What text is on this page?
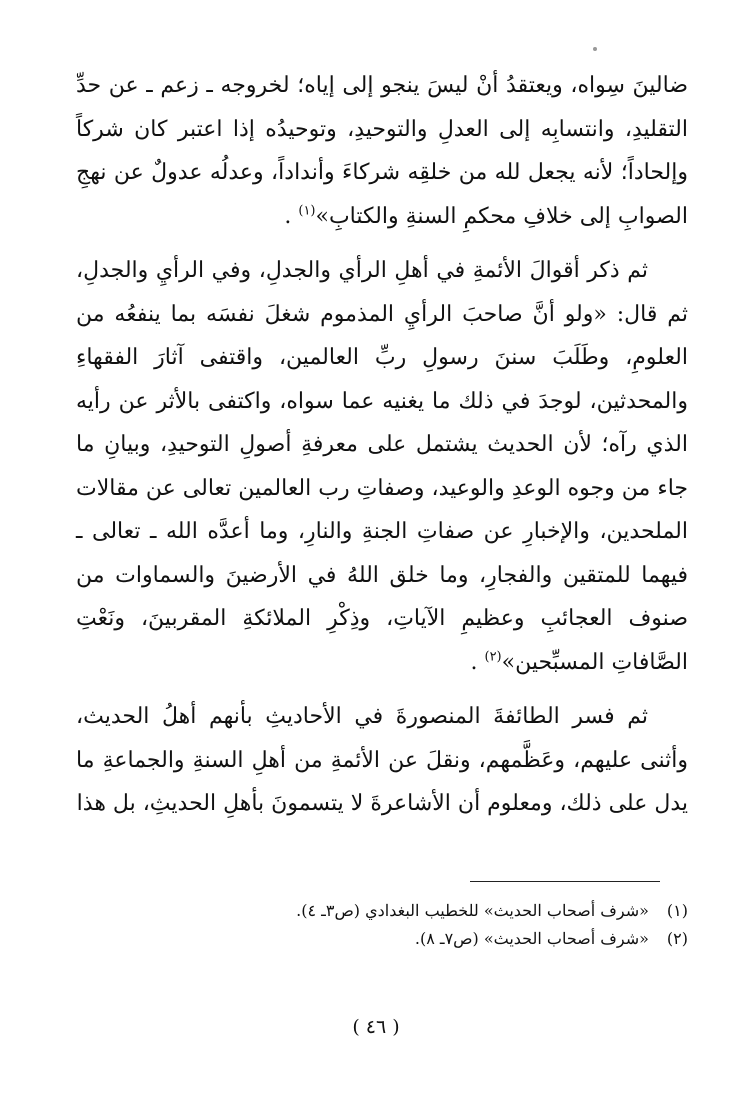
ضالينَ سِواه، ويعتقدُ أنْ ليسَ ينجو إلى إياه؛ لخروجه ـ زعم ـ عن حدِّ التقليدِ، وانتسابِه إلى العدلِ والتوحيدِ، وتوحيدُه إذا اعتبر كان شركاً وإلحاداً؛ لأنه يجعل لله من خلقِه شركاءَ وأنداداً، وعدلُه عدولٌ عن نهجِ الصوابِ إلى خلافِ محكمِ السنةِ والكتابِ»$^{(١)}$ .

ثم ذكر أقوالَ الأئمةِ في أهلِ الرأي والجدلِ، وفي الرأيِ والجدلِ، ثم قال: «ولو أنَّ صاحبَ الرأيِ المذموم شغلَ نفسَه بما ينفعُه من العلومِ، وطَلَبَ سننَ رسولِ ربِّ العالمين، واقتفى آثارَ الفقهاءِ والمحدثين، لوجدَ في ذلك ما يغنيه عما سواه، واكتفى بالأثر عن رأيه الذي رآه؛ لأن الحديث يشتمل على معرفةِ أصولِ التوحيدِ، وبيانِ ما جاء من وجوه الوعدِ والوعيد، وصفاتِ رب العالمين تعالى عن مقالات الملحدين، والإخبارِ عن صفاتِ الجنةِ والنارِ، وما أعدَّه الله ـ تعالى ـ فيهما للمتقين والفجارِ، وما خلق اللهُ في الأرضينَ والسماوات من صنوف العجائبِ وعظيمِ الآياتِ، وذِكْرِ الملائكةِ المقربينَ، ونَعْتِ الصَّافاتِ المسبِّحين»$^{(٢)}$ .

ثم فسر الطائفةَ المنصورةَ في الأحاديثِ بأنهم أهلُ الحديث، وأثنى عليهم، وعَظَّمهم، ونقلَ عن الأئمةِ من أهلِ السنةِ والجماعةِ ما يدل على ذلك، ومعلوم أن الأشاعرةَ لا يتسمونَ بأهلِ الحديثِ، بل هذا

(١) «شرف أصحاب الحديث» للخطيب البغدادي (ص٣ـ ٤).
(٢) «شرف أصحاب الحديث» (ص٧ـ ٨).
( ٤٦ )
